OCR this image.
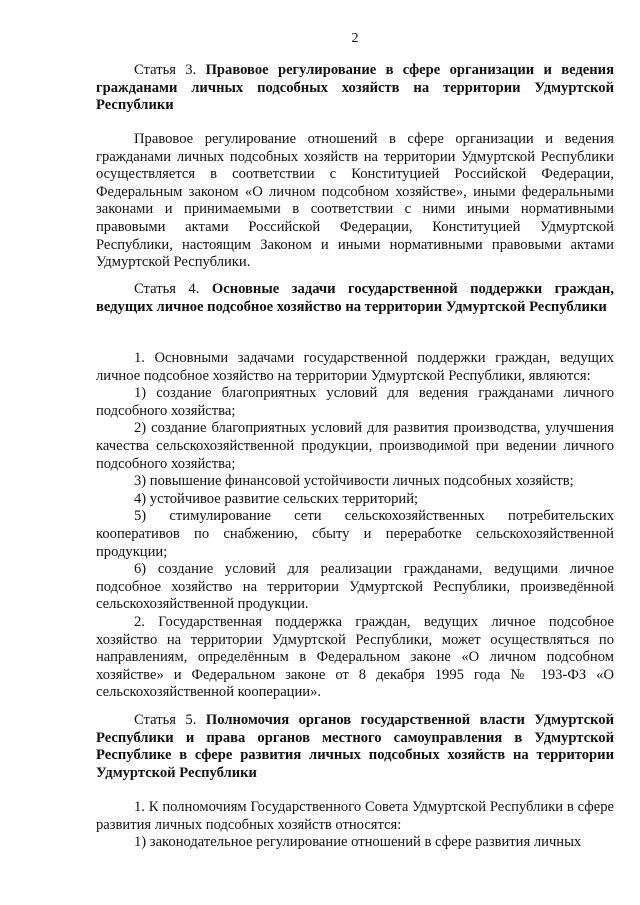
2
Статья 3. Правовое регулирование в сфере организации и ведения гражданами личных подсобных хозяйств на территории Удмуртской Республики

Правовое регулирование отношений в сфере организации и ведения гражданами личных подсобных хозяйств на территории Удмуртской Республики осуществляется в соответствии с Конституцией Российской Федерации, Федеральным законом «О личном подсобном хозяйстве», иными федеральными законами и принимаемыми в соответствии с ними иными нормативными правовыми актами Российской Федерации, Конституцией Удмуртской Республики, настоящим Законом и иными нормативными правовыми актами Удмуртской Республики.

Статья 4. Основные задачи государственной поддержки граждан, ведущих личное подсобное хозяйство на территории Удмуртской Республики

1. Основными задачами государственной поддержки граждан, ведущих личное подсобное хозяйство на территории Удмуртской Республики, являются:

1) создание благоприятных условий для ведения гражданами личного подсобного хозяйства;

2) создание благоприятных условий для развития производства, улучшения качества сельскохозяйственной продукции, производимой при ведении личного подсобного хозяйства;

3) повышение финансовой устойчивости личных подсобных хозяйств;

4) устойчивое развитие сельских территорий;

5) стимулирование сети сельскохозяйственных потребительских кооперативов по снабжению, сбыту и переработке сельскохозяйственной продукции;

6) создание условий для реализации гражданами, ведущими личное подсобное хозяйство на территории Удмуртской Республики, произведённой сельскохозяйственной продукции.

2. Государственная поддержка граждан, ведущих личное подсобное хозяйство на территории Удмуртской Республики, может осуществляться по направлениям, определённым в Федеральном законе «О личном подсобном хозяйстве» и Федеральном законе от 8 декабря 1995 года № 193-ФЗ «О сельскохозяйственной кооперации».

Статья 5. Полномочия органов государственной власти Удмуртской Республики и права органов местного самоуправления в Удмуртской Республике в сфере развития личных подсобных хозяйств на территории Удмуртской Республики

1. К полномочиям Государственного Совета Удмуртской Республики в сфере развития личных подсобных хозяйств относятся:

1) законодательное регулирование отношений в сфере развития личных
